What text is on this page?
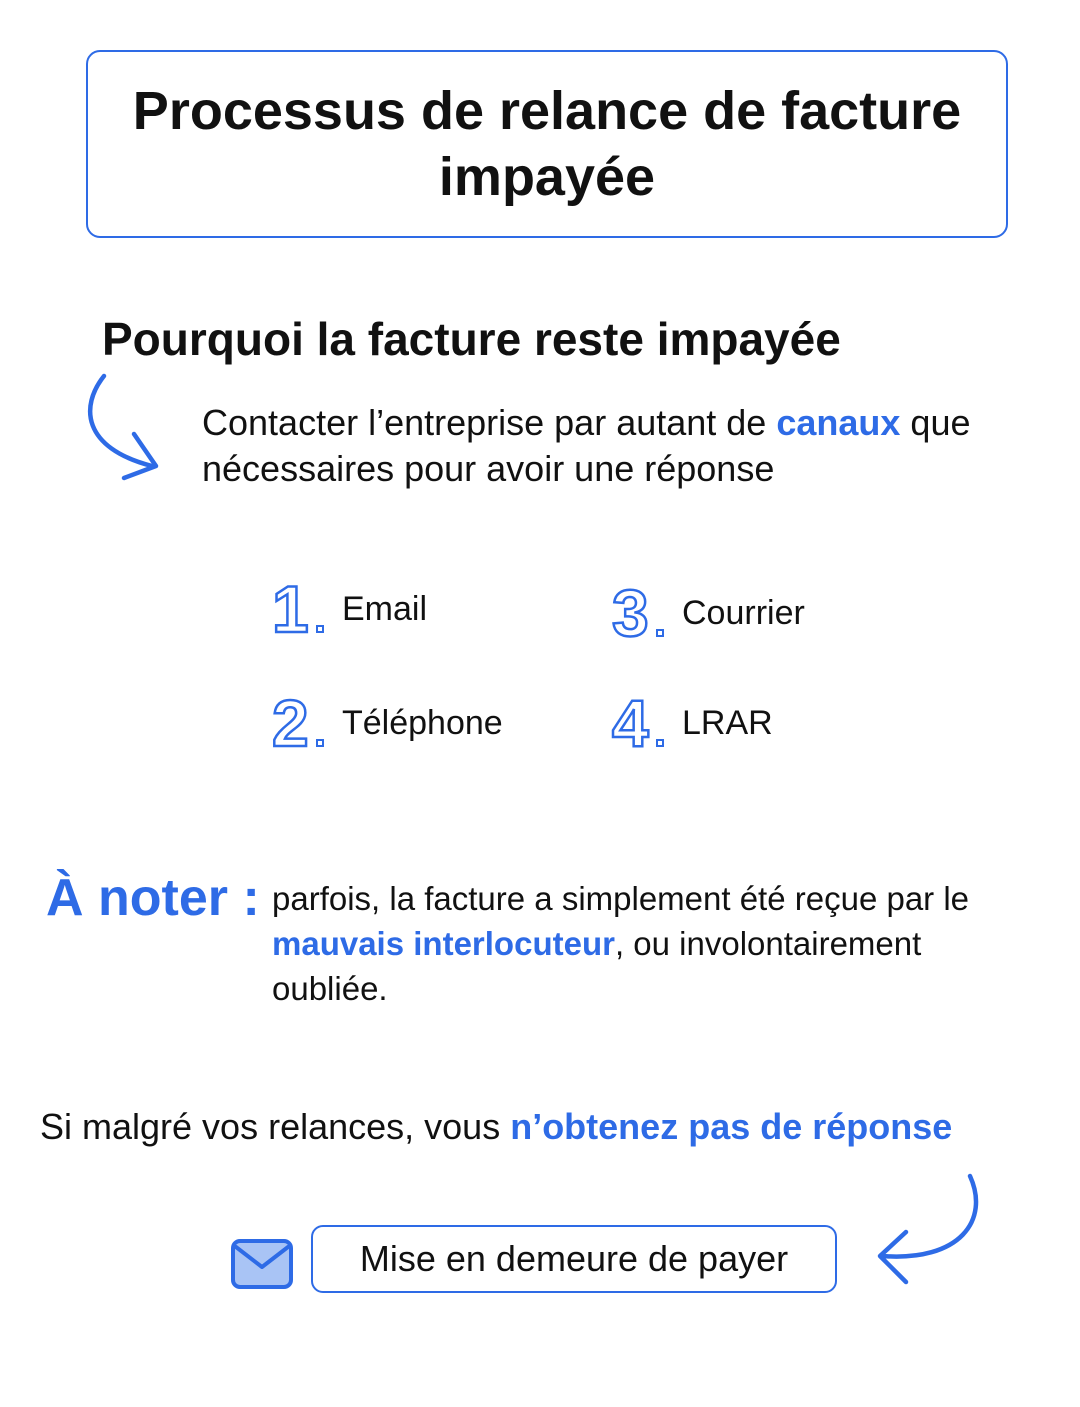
Processus de relance de facture
impayée
Pourquoi la facture reste impayée

Contacter l’entreprise par autant de canaux que nécessaires pour avoir une réponse

1 Email
2 Téléphone
3 Courrier
4 LRAR

À noter : parfois, la facture a simplement été reçue par le mauvais interlocuteur, ou involontairement oubliée.

Si malgré vos relances, vous n’obtenez pas de réponse

Mise en demeure de payer
